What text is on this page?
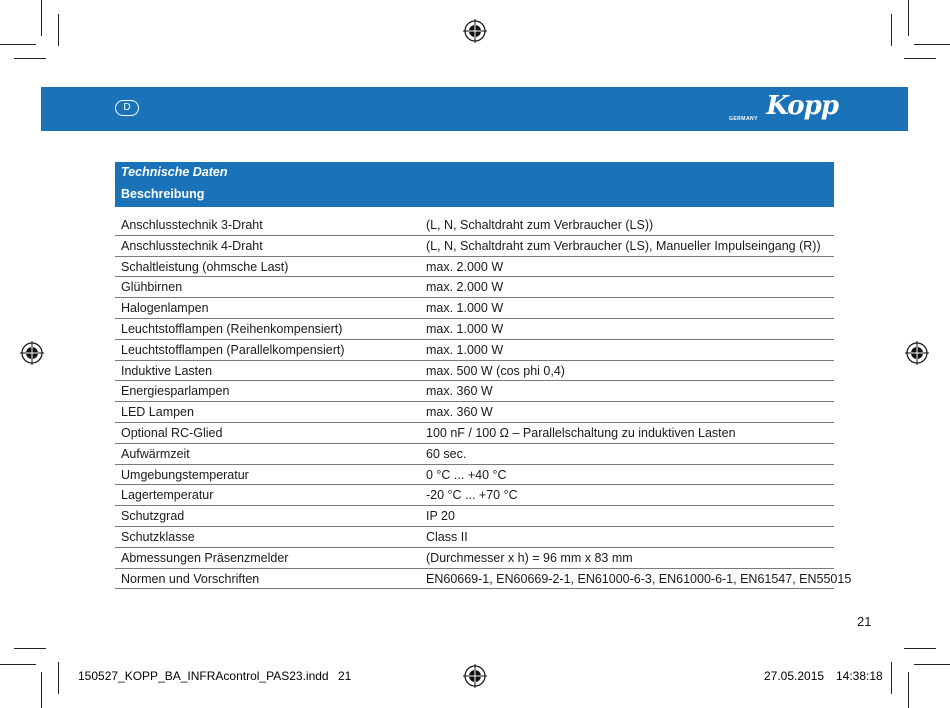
D	Kopp
GERMANY
Technische Daten
Beschreibung
Anschlusstechnik 3-Draht	(L, N, Schaltdraht zum Verbraucher (LS))
Anschlusstechnik 4-Draht	(L, N, Schaltdraht zum Verbraucher (LS), Manueller Impulseingang (R))
Schaltleistung (ohmsche Last)	max. 2.000 W
Glühbirnen	max. 2.000 W
Halogenlampen	max. 1.000 W
Leuchtstofflampen (Reihenkompensiert)	max. 1.000 W
Leuchtstofflampen (Parallelkompensiert)	max. 1.000 W
Induktive Lasten	max. 500 W (cos phi 0,4)
Energiesparlampen	max. 360 W
LED Lampen	max. 360 W
Optional RC-Glied	100 nF / 100 Ω – Parallelschaltung zu induktiven Lasten
Aufwärmzeit	60 sec.
Umgebungstemperatur	0 °C ... +40 °C
Lagertemperatur	-20 °C ... +70 °C
Schutzgrad	IP 20
Schutzklasse	Class II
Abmessungen Präsenzmelder	(Durchmesser x h) = 96 mm x 83 mm
Normen und Vorschriften	EN60669-1, EN60669-2-1, EN61000-6-3, EN61000-6-1, EN61547, EN55015
21
150527_KOPP_BA_INFRAcontrol_PAS23.indd 21	27.05.2015 14:38:18
